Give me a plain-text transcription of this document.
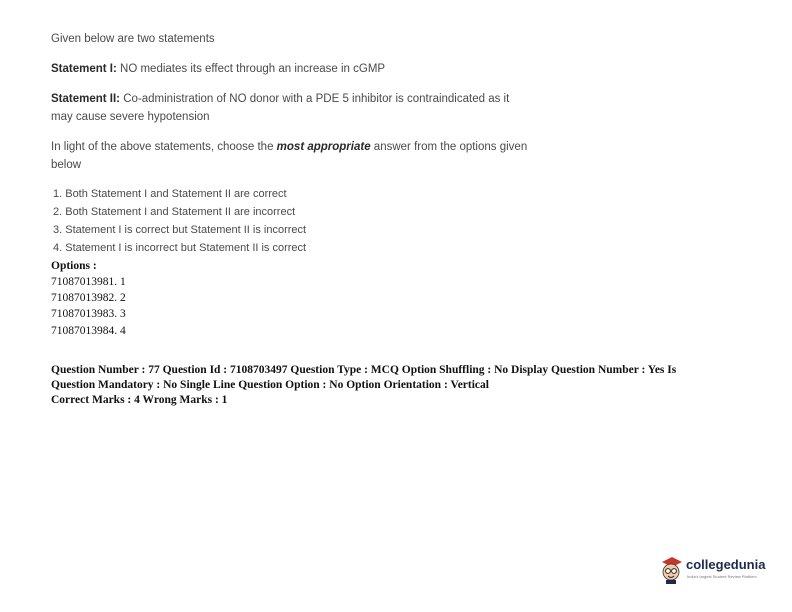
Given below are two statements
Statement I: NO mediates its effect through an increase in cGMP
Statement II: Co-administration of NO donor with a PDE 5 inhibitor is contraindicated as it
may cause severe hypotension
In light of the above statements, choose the most appropriate answer from the options given
below
1. Both Statement I and Statement II are correct
2. Both Statement I and Statement II are incorrect
3. Statement I is correct but Statement II is incorrect
4. Statement I is incorrect but Statement II is correct
Options :
71087013981. 1
71087013982. 2
71087013983. 3
71087013984. 4
Question Number : 77 Question Id : 7108703497 Question Type : MCQ Option Shuffling : No Display Question Number : Yes Is
Question Mandatory : No Single Line Question Option : No Option Orientation : Vertical
Correct Marks : 4 Wrong Marks : 1
collegedunia
India's largest Student Review Platform
